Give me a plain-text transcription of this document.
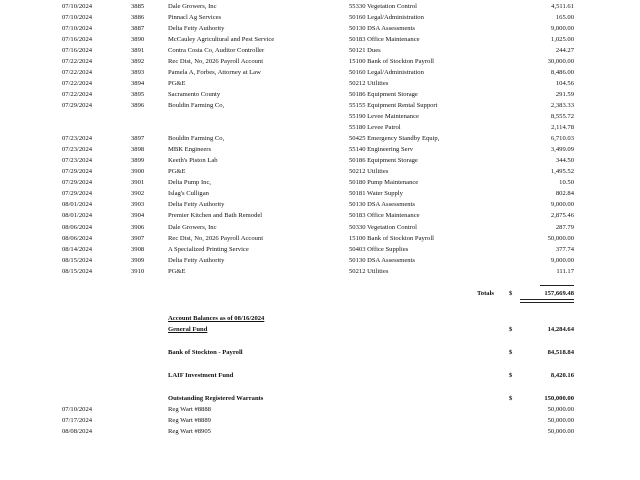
07/10/2024	3885	Dale Growers, Inc	55330 Vegetation Control	4,511.61
07/10/2024	3886	Pinnacl Ag Services	50160 Legal/Administration	165.00
07/10/2024	3887	Delta Fetty Authority	50130 DSA Assessments	9,000.00
07/16/2024	3890	McCauley Agricultural and Pest Service	50183 Office Maintenance	1,025.00
07/16/2024	3891	Contra Costa Co, Auditor Controller	50121 Dues	244.27
07/22/2024	3892	Rec Dist, No, 2026 Payroll Account	15100 Bank of Stockton Payroll	30,000.00
07/22/2024	3893	Pamela A, Forbes, Attorney at Law	50160 Legal/Administration	8,486.00
07/22/2024	3894	PG&E	50212 Utilities	104.56
07/22/2024	3895	Sacramento County	50186 Equipment Storage	291.59
07/29/2024	3896	Bouldin Farming Co,	55155 Equipment Rental Support	2,383.33
55190 Levee Maintenance	8,555.72
55180 Levee Patrol	2,114.78
07/23/2024	3897	Bouldin Farming Co,	50425 Emergency Standby Equip,	6,710.03
07/23/2024	3898	MBK Engineers	55140 Engineering Serv	3,499.09
07/23/2024	3899	Keeth's Piston Lab	50186 Equipment Storage	344.50
07/29/2024	3900	PG&E	50212 Utilities	1,495.52
07/29/2024	3901	Delta Pump Inc,	50180 Pump Maintenance	10.50
07/29/2024	3902	Islag's Culligan	50181 Water Supply	802.84
08/01/2024	3903	Delta Fetty Authority	50130 DSA Assessments	9,000.00
08/01/2024	3904	Premier Kitchen and Bath Remodel	50183 Office Maintenance	2,875.46
08/06/2024	3906	Dale Growers, Inc	50330 Vegetation Control	287.79
08/06/2024	3907	Rec Dist, No, 2026 Payroll Account	15100 Bank of Stockton Payroll	50,000.00
08/14/2024	3908	A Specialized Printing Service	50403 Office Supplies	377.74
08/15/2024	3909	Delta Fetty Authority	50130 DSA Assessments	9,000.00
08/15/2024	3910	PG&E	50212 Utilities	111.17
Totals $	157,669.48
Account Balances as of 08/16/2024
General Fund	$	14,284.64
Bank of Stockton - Payroll	$	84,518.84
LAIF Investment Fund	$	8,420.16
Outstanding Registered Warrants	$	150,000.00
07/10/2024	Reg Wart #8888	50,000.00
07/17/2024	Reg Wart #8889	50,000.00
08/08/2024	Reg Wart #8905	50,000.00
